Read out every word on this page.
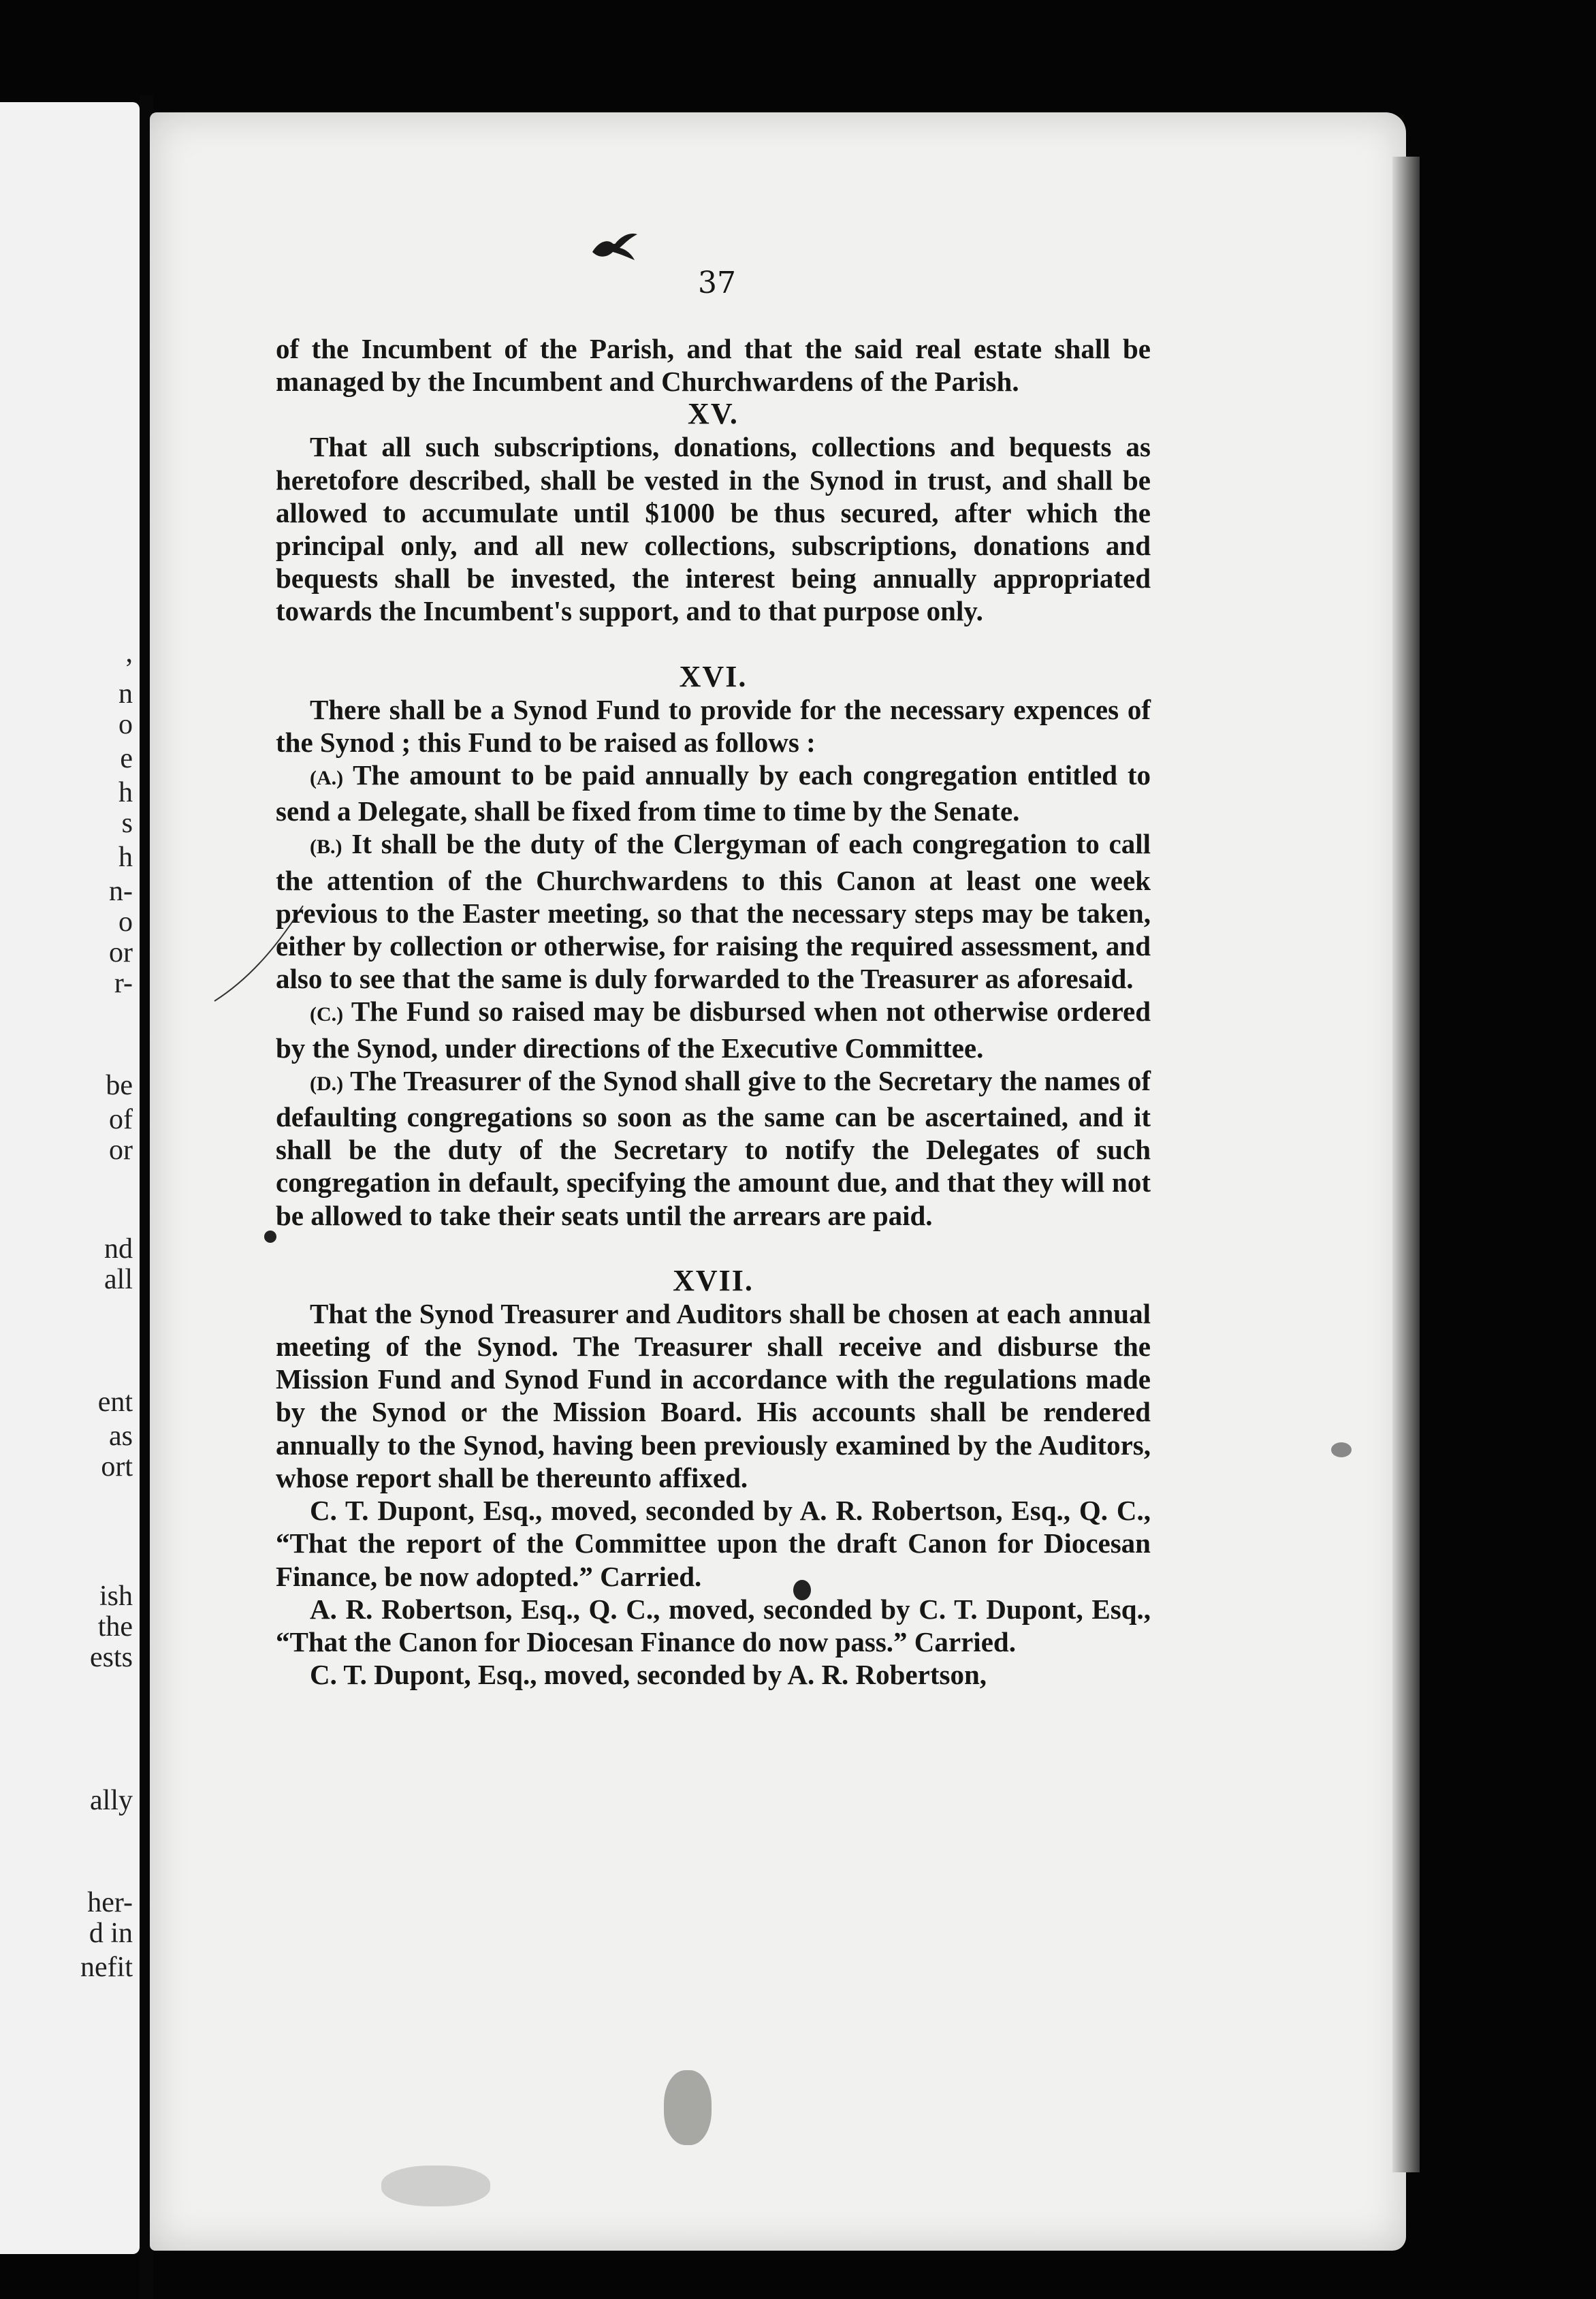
,
n
o
e
h
s
h
n-
o
or
r-
be
of
or
nd
all
ent
as
ort
ish
the
ests
ally
her-
d in
nefit
37

of the Incumbent of the Parish, and that the said real estate shall be managed by the Incumbent and Churchwardens of the Parish.

XV.

That all such subscriptions, donations, collections and bequests as heretofore described, shall be vested in the Synod in trust, and shall be allowed to accumulate until $1000 be thus secured, after which the principal only, and all new collections, subscriptions, donations and bequests shall be invested, the interest being annually appropriated towards the Incumbent's support, and to that purpose only.

XVI.

There shall be a Synod Fund to provide for the necessary expences of the Synod ; this Fund to be raised as follows :

(A.) The amount to be paid annually by each congregation entitled to send a Delegate, shall be fixed from time to time by the Senate.

(B.) It shall be the duty of the Clergyman of each congregation to call the attention of the Churchwardens to this Canon at least one week previous to the Easter meeting, so that the necessary steps may be taken, either by collection or otherwise, for raising the required assessment, and also to see that the same is duly forwarded to the Treasurer as aforesaid.

(C.) The Fund so raised may be disbursed when not otherwise ordered by the Synod, under directions of the Executive Committee.

(D.) The Treasurer of the Synod shall give to the Secretary the names of defaulting congregations so soon as the same can be ascertained, and it shall be the duty of the Secretary to notify the Delegates of such congregation in default, specifying the amount due, and that they will not be allowed to take their seats until the arrears are paid.

XVII.

That the Synod Treasurer and Auditors shall be chosen at each annual meeting of the Synod. The Treasurer shall receive and disburse the Mission Fund and Synod Fund in accordance with the regulations made by the Synod or the Mission Board. His accounts shall be rendered annually to the Synod, having been previously examined by the Auditors, whose report shall be thereunto affixed.

C. T. Dupont, Esq., moved, seconded by A. R. Robertson, Esq., Q. C., “That the report of the Committee upon the draft Canon for Diocesan Finance, be now adopted.” Carried.

A. R. Robertson, Esq., Q. C., moved, seconded by C. T. Dupont, Esq., “That the Canon for Diocesan Finance do now pass.” Carried.

C. T. Dupont, Esq., moved, seconded by A. R. Robertson,
